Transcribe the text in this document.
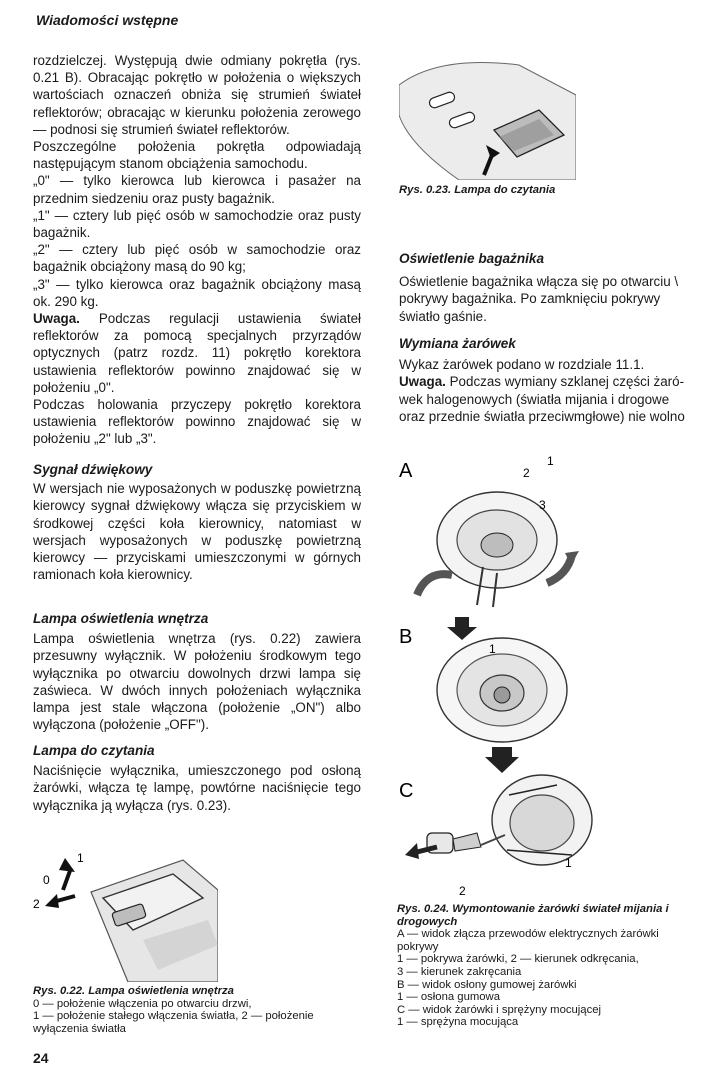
Wiadomości wstępne

rozdzielczej. Występują dwie odmiany pokrętła (rys. 0.21 B). Obracając pokrętło w położenia o większych wartościach oznaczeń obniża się strumień świateł reflektorów; obracając w kierunku położenia zerowego — podnosi się strumień świateł reflektorów.

Poszczególne położenia pokrętła odpowiadają następującym stanom obciążenia samochodu.

„0" — tylko kierowca lub kierowca i pasażer na przednim siedzeniu oraz pusty bagażnik.

„1" — cztery lub pięć osób w samochodzie oraz pusty bagażnik.

„2" — cztery lub pięć osób w samochodzie oraz bagażnik obciążony masą do 90 kg;

„3" — tylko kierowca oraz bagażnik obciążony masą ok. 290 kg.

Uwaga. Podczas regulacji ustawienia świateł reflektorów za pomocą specjalnych przyrządów optycznych (patrz rozdz. 11) pokrętło korektora ustawienia reflektorów powinno znajdować się w położeniu „0".

Podczas holowania przyczepy pokrętło korektora ustawienia reflektorów powinno znajdować się w położeniu „2" lub „3".

Sygnał dźwiękowy

W wersjach nie wyposażonych w poduszkę powietrzną kierowcy sygnał dźwiękowy włącza się przyciskiem w środkowej części koła kierownicy, natomiast w wersjach wyposażonych w poduszkę powietrzną kierowcy — przyciskami umieszczonymi w górnych ramionach koła kierownicy.

Lampa oświetlenia wnętrza

Lampa oświetlenia wnętrza (rys. 0.22) zawiera przesuwny wyłącznik. W położeniu środkowym tego wyłącznika po otwarciu dowolnych drzwi lampa się zaświeca. W dwóch innych położeniach wyłącznika lampa jest stale włączona (położenie „ON") albo wyłączona (położenie „OFF").

Lampa do czytania

Naciśnięcie wyłącznika, umieszczonego pod osłoną żarówki, włącza tę lampę, powtórne naciśnięcie tego wyłącznika ją wyłącza (rys. 0.23).

0
2
1
Rys. 0.22. Lampa oświetlenia wnętrza
0 — położenie włączenia po otwarciu drzwi,
1 — położenie stałego włączenia światła, 2 — położenie wyłączenia światła
24
Rys. 0.23. Lampa do czytania

Oświetlenie bagażnika

Oświetlenie bagażnika włącza się po otwarciu \

pokrywy bagażnika. Po zamknięciu pokrywy

światło gaśnie.

Wymiana żarówek

Wykaz żarówek podano w rozdziale 11.1.

Uwaga. Podczas wymiany szklanej części żaró-

wek halogenowych (światła mijania i drogowe

oraz przednie światła przeciwmgłowe) nie wolno

A	1
2
3
B
1
C
1
2
Rys. 0.24. Wymontowanie żarówki świateł mijania i drogowych
A — widok złącza przewodów elektrycznych żarówki
pokrywy
1 — pokrywa żarówki, 2 — kierunek odkręcania,
3 — kierunek zakręcania
B — widok osłony gumowej żarówki
1 — osłona gumowa
C — widok żarówki i sprężyny mocującej
1 — sprężyna mocująca
